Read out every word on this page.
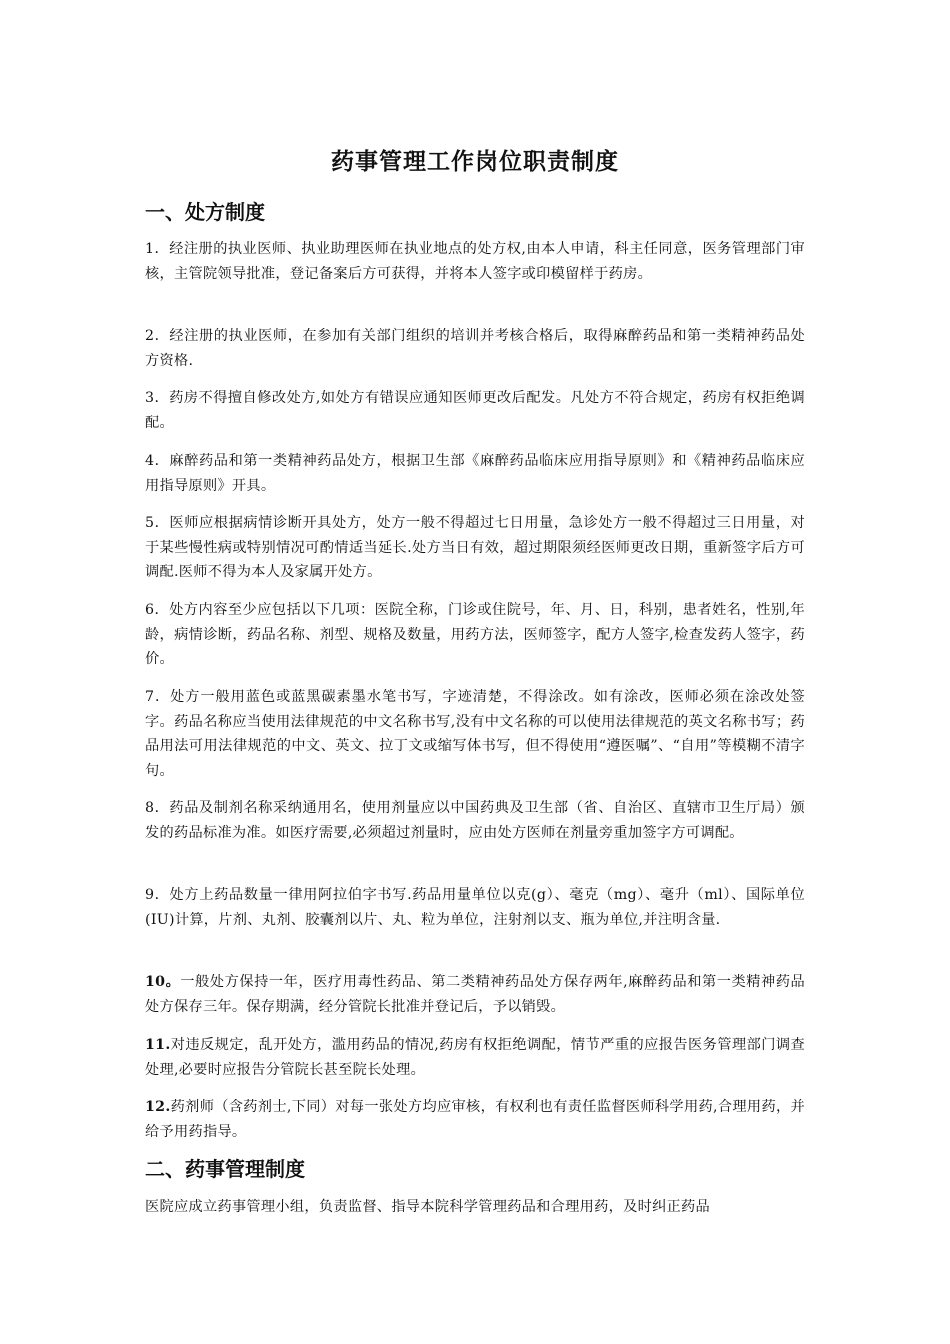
药事管理工作岗位职责制度
一、处方制度
1．经注册的执业医师、执业助理医师在执业地点的处方权,由本人申请，科主任同意，医务管理部门审核，主管院领导批准，登记备案后方可获得，并将本人签字或印模留样于药房。
2．经注册的执业医师，在参加有关部门组织的培训并考核合格后，取得麻醉药品和第一类精神药品处方资格.
3．药房不得擅自修改处方,如处方有错误应通知医师更改后配发。凡处方不符合规定，药房有权拒绝调配。
4．麻醉药品和第一类精神药品处方，根据卫生部《麻醉药品临床应用指导原则》和《精神药品临床应用指导原则》开具。
5．医师应根据病情诊断开具处方，处方一般不得超过七日用量，急诊处方一般不得超过三日用量，对于某些慢性病或特别情况可酌情适当延长.处方当日有效，超过期限须经医师更改日期，重新签字后方可调配.医师不得为本人及家属开处方。
6．处方内容至少应包括以下几项：医院全称，门诊或住院号，年、月、日，科别，患者姓名，性别,年龄，病情诊断，药品名称、剂型、规格及数量，用药方法，医师签字，配方人签字,检查发药人签字，药价。
7．处方一般用蓝色或蓝黑碳素墨水笔书写，字迹清楚，不得涂改。如有涂改，医师必须在涂改处签字。药品名称应当使用法律规范的中文名称书写,没有中文名称的可以使用法律规范的英文名称书写；药品用法可用法律规范的中文、英文、拉丁文或缩写体书写，但不得使用“遵医嘱”、“自用”等模糊不清字句。
8．药品及制剂名称采纳通用名，使用剂量应以中国药典及卫生部（省、自治区、直辖市卫生厅局）颁发的药品标准为准。如医疗需要,必须超过剂量时，应由处方医师在剂量旁重加签字方可调配。
9．处方上药品数量一律用阿拉伯字书写.药品用量单位以克(g）、毫克（mg）、毫升（ml）、国际单位(IU)计算，片剂、丸剂、胶囊剂以片、丸、粒为单位，注射剂以支、瓶为单位,并注明含量.
10。一般处方保持一年，医疗用毒性药品、第二类精神药品处方保存两年,麻醉药品和第一类精神药品处方保存三年。保存期满，经分管院长批准并登记后，予以销毁。
11.对违反规定，乱开处方，滥用药品的情况,药房有权拒绝调配，情节严重的应报告医务管理部门调查处理,必要时应报告分管院长甚至院长处理。
12.药剂师（含药剂士,下同）对每一张处方均应审核，有权利也有责任监督医师科学用药,合理用药，并给予用药指导。
二、药事管理制度
医院应成立药事管理小组，负责监督、指导本院科学管理药品和合理用药，及时纠正药品
